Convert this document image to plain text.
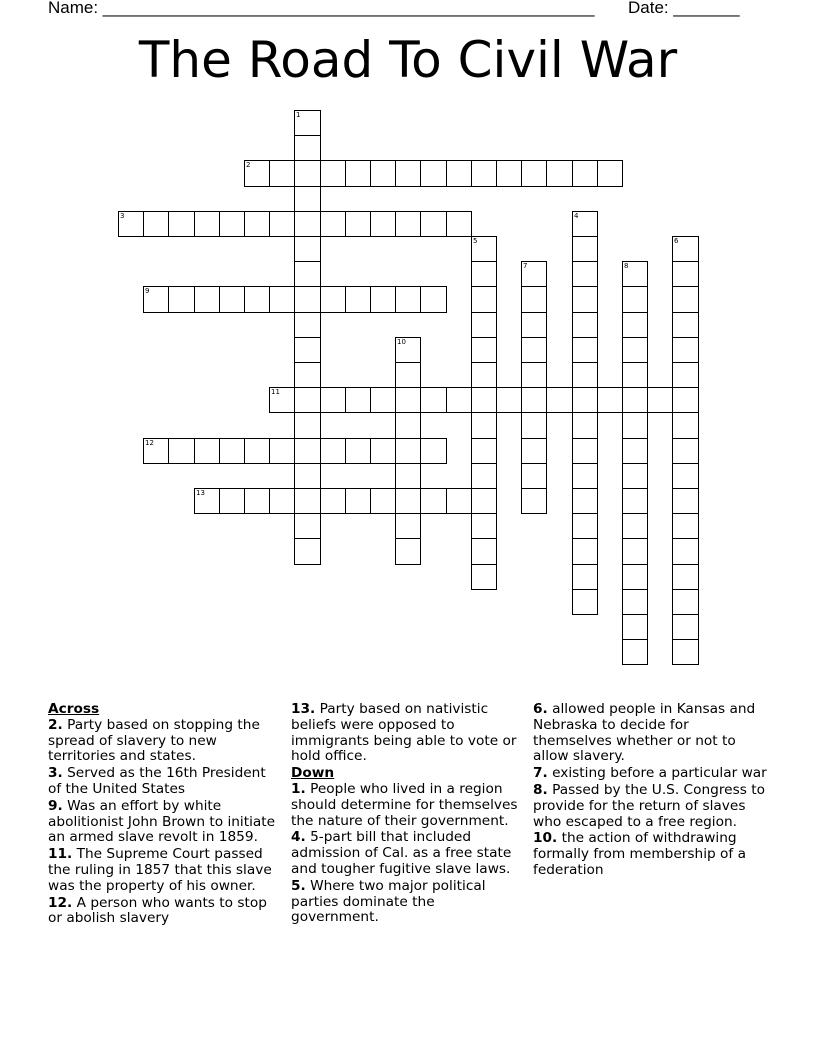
Name: ____________________________________________________ Date: _______
The Road To Civil War
1
2
3	4
5	6
7	8
9
10
11
12
13
Across

2. Party based on stopping the spread of slavery to new territories and states.

3. Served as the 16th President of the United States

9. Was an effort by white abolitionist John Brown to initiate an armed slave revolt in 1859.

11. The Supreme Court passed the ruling in 1857 that this slave was the property of his owner.

12. A person who wants to stop or abolish slavery

13. Party based on nativistic beliefs were opposed to immigrants being able to vote or hold office.

Down

1. People who lived in a region should determine for themselves the nature of their government.

4. 5-part bill that included admission of Cal. as a free state and tougher fugitive slave laws.

5. Where two major political parties dominate the government.

6. allowed people in Kansas and Nebraska to decide for themselves whether or not to allow slavery.

7. existing before a particular war

8. Passed by the U.S. Congress to provide for the return of slaves who escaped to a free region.

10. the action of withdrawing formally from membership of a federation
